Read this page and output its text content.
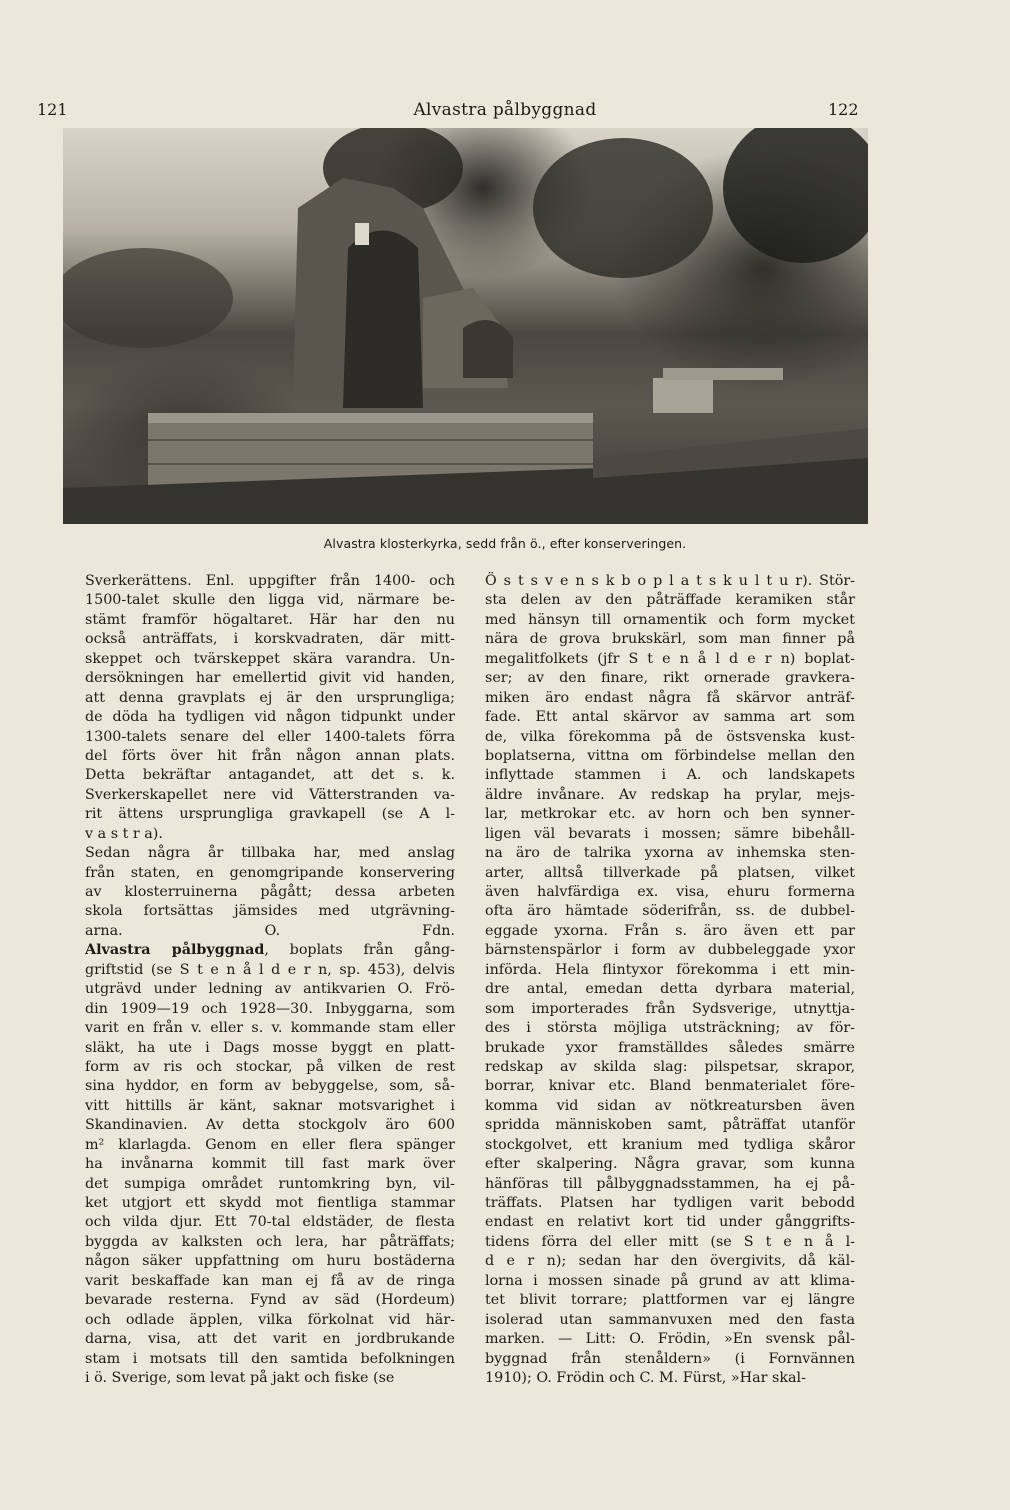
121	Alvastra pålbyggnad	122
Alvastra klosterkyrka, sedd från ö., efter konserveringen.
Sverkerättens. Enl. uppgifter från 1400- och
1500-talet skulle den ligga vid, närmare be-
stämt framför högaltaret. Här har den nu
också anträffats, i korskvadraten, där mitt-
skeppet och tvärskeppet skära varandra. Un-
dersökningen har emellertid givit vid handen,
att denna gravplats ej är den ursprungliga;
de döda ha tydligen vid någon tidpunkt under
1300-talets senare del eller 1400-talets förra
del förts över hit från någon annan plats.
Detta bekräftar antagandet, att det s. k.
Sverkerskapellet nere vid Vätterstranden va-
rit ättens ursprungliga gravkapell (se A l-
v a s t r a).
Sedan några år tillbaka har, med anslag
från staten, en genomgripande konservering
av klosterruinerna pågått; dessa arbeten
skola fortsättas jämsides med utgrävning-
arna. O. Fdn.
Alvastra pålbyggnad, boplats från gång-
griftstid (se S t e n å l d e r n, sp. 453), delvis
utgrävd under ledning av antikvarien O. Frö-
din 1909—19 och 1928—30. Inbyggarna, som
varit en från v. eller s. v. kommande stam eller
släkt, ha ute i Dags mosse byggt en platt-
form av ris och stockar, på vilken de rest
sina hyddor, en form av bebyggelse, som, så-
vitt hittills är känt, saknar motsvarighet i
Skandinavien. Av detta stockgolv äro 600
m² klarlagda. Genom en eller flera spänger
ha invånarna kommit till fast mark över
det sumpiga området runtomkring byn, vil-
ket utgjort ett skydd mot fientliga stammar
och vilda djur. Ett 70-tal eldstäder, de flesta
byggda av kalksten och lera, har påträffats;
någon säker uppfattning om huru bostäderna
varit beskaffade kan man ej få av de ringa
bevarade resterna. Fynd av säd (Hordeum)
och odlade äpplen, vilka förkolnat vid här-
darna, visa, att det varit en jordbrukande
stam i motsats till den samtida befolkningen
i ö. Sverige, som levat på jakt och fiske (se
Ö s t s v e n s k b o p l a t s k u l t u r). Stör-
sta delen av den påträffade keramiken står
med hänsyn till ornamentik och form mycket
nära de grova brukskärl, som man finner på
megalitfolkets (jfr S t e n å l d e r n) boplat-
ser; av den finare, rikt ornerade gravkera-
miken äro endast några få skärvor anträf-
fade. Ett antal skärvor av samma art som
de, vilka förekomma på de östsvenska kust-
boplatserna, vittna om förbindelse mellan den
inflyttade stammen i A. och landskapets
äldre invånare. Av redskap ha prylar, mejs-
lar, metkrokar etc. av horn och ben synner-
ligen väl bevarats i mossen; sämre bibehåll-
na äro de talrika yxorna av inhemska sten-
arter, alltså tillverkade på platsen, vilket
även halvfärdiga ex. visa, ehuru formerna
ofta äro hämtade söderifrån, ss. de dubbel-
eggade yxorna. Från s. äro även ett par
bärnstenspärlor i form av dubbeleggade yxor
införda. Hela flintyxor förekomma i ett min-
dre antal, emedan detta dyrbara material,
som importerades från Sydsverige, utnyttja-
des i största möjliga utsträckning; av för-
brukade yxor framställdes således smärre
redskap av skilda slag: pilspetsar, skrapor,
borrar, knivar etc. Bland benmaterialet före-
komma vid sidan av nötkreatursben även
spridda människoben samt, påträffat utanför
stockgolvet, ett kranium med tydliga skåror
efter skalpering. Några gravar, som kunna
hänföras till pålbyggnadsstammen, ha ej på-
träffats. Platsen har tydligen varit bebodd
endast en relativt kort tid under gånggrifts-
tidens förra del eller mitt (se S t e n å l-
d e r n); sedan har den övergivits, då käl-
lorna i mossen sinade på grund av att klima-
tet blivit torrare; plattformen var ej längre
isolerad utan sammanvuxen med den fasta
marken. — Litt: O. Frödin, »En svensk pål-
byggnad från stenåldern» (i Fornvännen
1910); O. Frödin och C. M. Fürst, »Har skal-
